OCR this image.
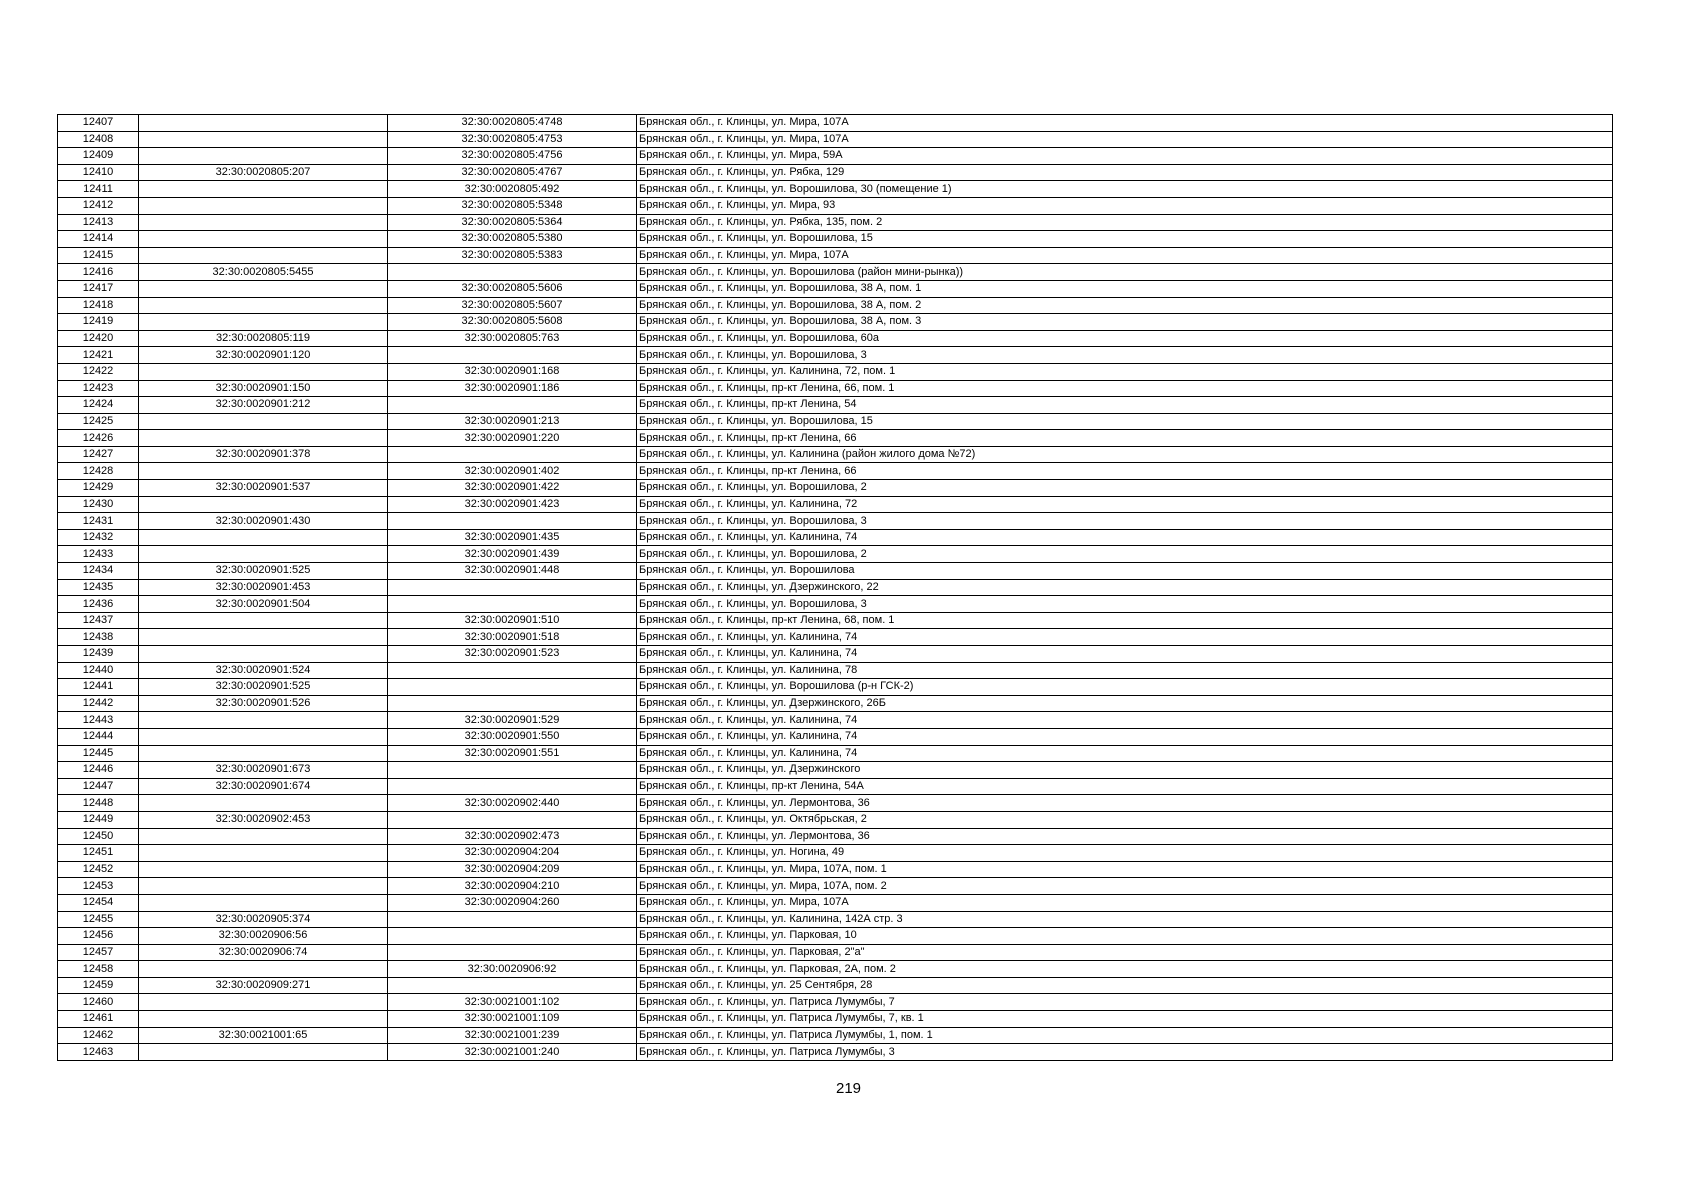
12407		32:30:0020805:4748	Брянская обл., г. Клинцы, ул. Мира, 107А
12408		32:30:0020805:4753	Брянская обл., г. Клинцы, ул. Мира, 107А
12409		32:30:0020805:4756	Брянская обл., г. Клинцы, ул. Мира, 59А
12410	32:30:0020805:207	32:30:0020805:4767	Брянская обл., г. Клинцы, ул. Рябка, 129
12411		32:30:0020805:492	Брянская обл., г. Клинцы, ул. Ворошилова, 30 (помещение 1)
12412		32:30:0020805:5348	Брянская обл., г. Клинцы, ул. Мира, 93
12413		32:30:0020805:5364	Брянская обл., г. Клинцы, ул. Рябка, 135, пом. 2
12414		32:30:0020805:5380	Брянская обл., г. Клинцы, ул. Ворошилова, 15
12415		32:30:0020805:5383	Брянская обл., г. Клинцы, ул. Мира, 107А
12416	32:30:0020805:5455		Брянская обл., г. Клинцы, ул. Ворошилова (район мини-рынка))
12417		32:30:0020805:5606	Брянская обл., г. Клинцы, ул. Ворошилова, 38 А, пом. 1
12418		32:30:0020805:5607	Брянская обл., г. Клинцы, ул. Ворошилова, 38 А, пом. 2
12419		32:30:0020805:5608	Брянская обл., г. Клинцы, ул. Ворошилова, 38 А, пом. 3
12420	32:30:0020805:119	32:30:0020805:763	Брянская обл., г. Клинцы, ул. Ворошилова, 60а
12421	32:30:0020901:120		Брянская обл., г. Клинцы, ул. Ворошилова, 3
12422		32:30:0020901:168	Брянская обл., г. Клинцы, ул. Калинина, 72, пом. 1
12423	32:30:0020901:150	32:30:0020901:186	Брянская обл., г. Клинцы, пр-кт Ленина, 66, пом. 1
12424	32:30:0020901:212		Брянская обл., г. Клинцы, пр-кт Ленина, 54
12425		32:30:0020901:213	Брянская обл., г. Клинцы, ул. Ворошилова, 15
12426		32:30:0020901:220	Брянская обл., г. Клинцы, пр-кт Ленина, 66
12427	32:30:0020901:378		Брянская обл., г. Клинцы, ул. Калинина (район жилого дома №72)
12428		32:30:0020901:402	Брянская обл., г. Клинцы, пр-кт Ленина, 66
12429	32:30:0020901:537	32:30:0020901:422	Брянская обл., г. Клинцы, ул. Ворошилова, 2
12430		32:30:0020901:423	Брянская обл., г. Клинцы, ул. Калинина, 72
12431	32:30:0020901:430		Брянская обл., г. Клинцы, ул. Ворошилова, 3
12432		32:30:0020901:435	Брянская обл., г. Клинцы, ул. Калинина, 74
12433		32:30:0020901:439	Брянская обл., г. Клинцы, ул. Ворошилова, 2
12434	32:30:0020901:525	32:30:0020901:448	Брянская обл., г. Клинцы, ул. Ворошилова
12435	32:30:0020901:453		Брянская обл., г. Клинцы, ул. Дзержинского, 22
12436	32:30:0020901:504		Брянская обл., г. Клинцы, ул. Ворошилова, 3
12437		32:30:0020901:510	Брянская обл., г. Клинцы, пр-кт Ленина, 68, пом. 1
12438		32:30:0020901:518	Брянская обл., г. Клинцы, ул. Калинина, 74
12439		32:30:0020901:523	Брянская обл., г. Клинцы, ул. Калинина, 74
12440	32:30:0020901:524		Брянская обл., г. Клинцы, ул. Калинина, 78
12441	32:30:0020901:525		Брянская обл., г. Клинцы, ул. Ворошилова (р-н ГСК-2)
12442	32:30:0020901:526		Брянская обл., г. Клинцы, ул. Дзержинского, 26Б
12443		32:30:0020901:529	Брянская обл., г. Клинцы, ул. Калинина, 74
12444		32:30:0020901:550	Брянская обл., г. Клинцы, ул. Калинина, 74
12445		32:30:0020901:551	Брянская обл., г. Клинцы, ул. Калинина, 74
12446	32:30:0020901:673		Брянская обл., г. Клинцы, ул. Дзержинского
12447	32:30:0020901:674		Брянская обл., г. Клинцы, пр-кт Ленина, 54А
12448		32:30:0020902:440	Брянская обл., г. Клинцы, ул. Лермонтова, 36
12449	32:30:0020902:453		Брянская обл., г. Клинцы, ул. Октябрьская, 2
12450		32:30:0020902:473	Брянская обл., г. Клинцы, ул. Лермонтова, 36
12451		32:30:0020904:204	Брянская обл., г. Клинцы, ул. Ногина, 49
12452		32:30:0020904:209	Брянская обл., г. Клинцы, ул. Мира, 107А, пом. 1
12453		32:30:0020904:210	Брянская обл., г. Клинцы, ул. Мира, 107А, пом. 2
12454		32:30:0020904:260	Брянская обл., г. Клинцы, ул. Мира, 107А
12455	32:30:0020905:374		Брянская обл., г. Клинцы, ул. Калинина, 142А стр. 3
12456	32:30:0020906:56		Брянская обл., г. Клинцы, ул. Парковая, 10
12457	32:30:0020906:74		Брянская обл., г. Клинцы, ул. Парковая, 2"а"
12458		32:30:0020906:92	Брянская обл., г. Клинцы, ул. Парковая, 2А, пом. 2
12459	32:30:0020909:271		Брянская обл., г. Клинцы, ул. 25 Сентября, 28
12460		32:30:0021001:102	Брянская обл., г. Клинцы, ул. Патриса Лумумбы, 7
12461		32:30:0021001:109	Брянская обл., г. Клинцы, ул. Патриса Лумумбы, 7, кв. 1
12462	32:30:0021001:65	32:30:0021001:239	Брянская обл., г. Клинцы, ул. Патриса Лумумбы, 1, пом. 1
12463		32:30:0021001:240	Брянская обл., г. Клинцы, ул. Патриса Лумумбы, 3
219
